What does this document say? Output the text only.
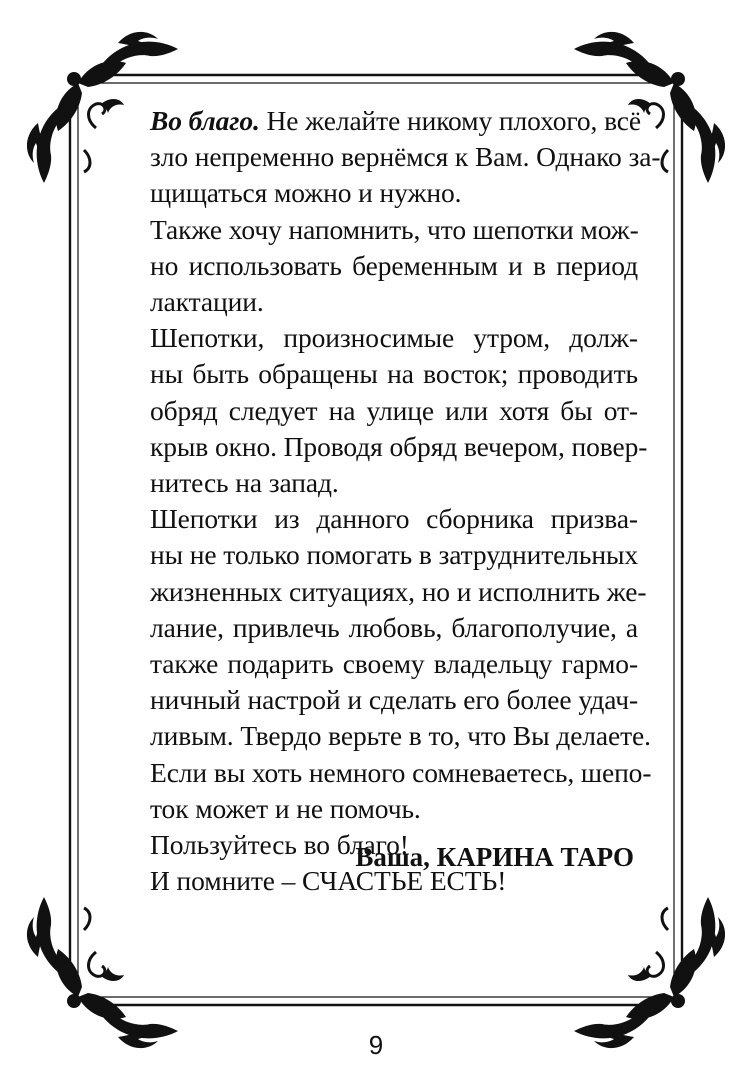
Во благо. Не желайте никому плохого, всё
зло непременно вернёмся к Вам. Однако за-
щищаться можно и нужно.
Также хочу напомнить, что шепотки мож-
но использовать беременным и в период
лактации.
Шепотки, произносимые утром, долж-
ны быть обращены на восток; проводить
обряд следует на улице или хотя бы от-
крыв окно. Проводя обряд вечером, повер-
нитесь на запад.
Шепотки из данного сборника призва-
ны не только помогать в затруднительных
жизненных ситуациях, но и исполнить же-
лание, привлечь любовь, благополучие, а
также подарить своему владельцу гармо-
ничный настрой и сделать его более удач-
ливым. Твердо верьте в то, что Вы делаете.
Если вы хоть немного сомневаетесь, шепо-
ток может и не помочь.
Пользуйтесь во благо!
И помните – СЧАСТЬЕ ЕСТЬ!
Ваша, КАРИНА ТАРО
9
